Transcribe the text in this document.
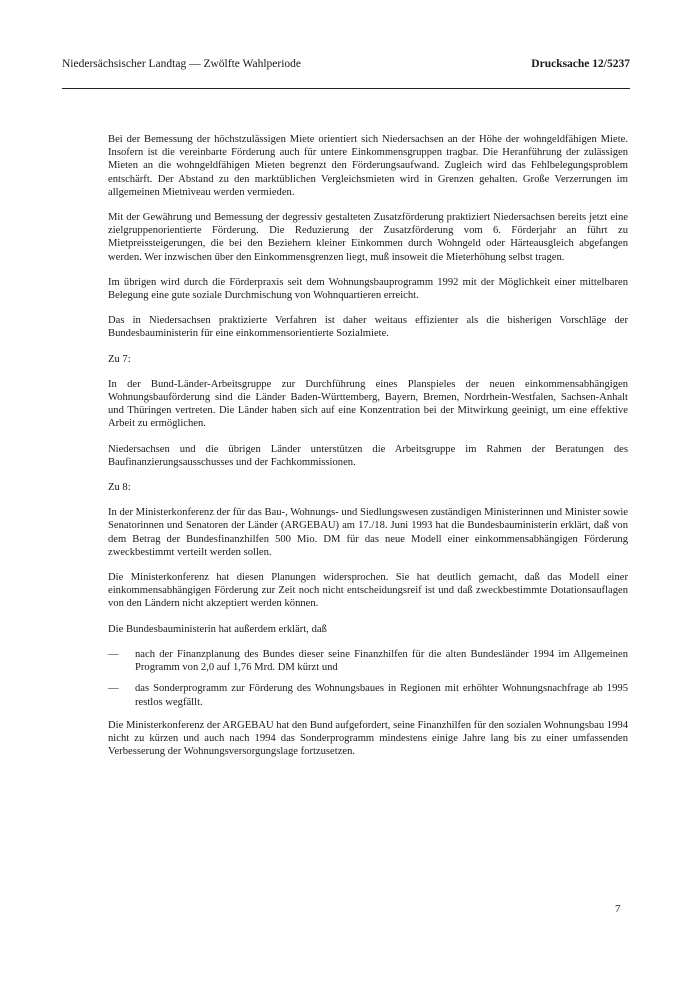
Niedersächsischer Landtag — Zwölfte Wahlperiode	Drucksache 12/5237

Bei der Bemessung der höchstzulässigen Miete orientiert sich Niedersachsen an der Höhe der wohngeldfähigen Miete. Insofern ist die vereinbarte Förderung auch für untere Einkommensgruppen tragbar. Die Heranführung der zulässigen Mieten an die wohngeldfähigen Mieten begrenzt den Förderungsaufwand. Zugleich wird das Fehlbelegungsproblem entschärft. Der Abstand zu den marktüblichen Vergleichsmieten wird in Grenzen gehalten. Große Verzerrungen im allgemeinen Mietniveau werden vermieden.

Mit der Gewährung und Bemessung der degressiv gestalteten Zusatzförderung praktiziert Niedersachsen bereits jetzt eine zielgruppenorientierte Förderung. Die Reduzierung der Zusatzförderung vom 6. Förderjahr an führt zu Mietpreissteigerungen, die bei den Beziehern kleiner Einkommen durch Wohngeld oder Härteausgleich abgefangen werden. Wer inzwischen über den Einkommensgrenzen liegt, muß insoweit die Mieterhöhung selbst tragen.

Im übrigen wird durch die Förderpraxis seit dem Wohnungsbauprogramm 1992 mit der Möglichkeit einer mittelbaren Belegung eine gute soziale Durchmischung von Wohnquartieren erreicht.

Das in Niedersachsen praktizierte Verfahren ist daher weitaus effizienter als die bisherigen Vorschläge der Bundesbauministerin für eine einkommensorientierte Sozialmiete.

Zu 7:

In der Bund-Länder-Arbeitsgruppe zur Durchführung eines Planspieles der neuen einkommensabhängigen Wohnungsbauförderung sind die Länder Baden-Württemberg, Bayern, Bremen, Nordrhein-Westfalen, Sachsen-Anhalt und Thüringen vertreten. Die Länder haben sich auf eine Konzentration bei der Mitwirkung geeinigt, um eine effektive Arbeit zu ermöglichen.

Niedersachsen und die übrigen Länder unterstützen die Arbeitsgruppe im Rahmen der Beratungen des Baufinanzierungsausschusses und der Fachkommissionen.

Zu 8:

In der Ministerkonferenz der für das Bau-, Wohnungs- und Siedlungswesen zuständigen Ministerinnen und Minister sowie Senatorinnen und Senatoren der Länder (ARGEBAU) am 17./18. Juni 1993 hat die Bundesbauministerin erklärt, daß von dem Betrag der Bundesfinanzhilfen 500 Mio. DM für das neue Modell einer einkommensabhängigen Förderung zweckbestimmt verteilt werden sollen.

Die Ministerkonferenz hat diesen Planungen widersprochen. Sie hat deutlich gemacht, daß das Modell einer einkommensabhängigen Förderung zur Zeit noch nicht entscheidungsreif ist und daß zweckbestimmte Dotationsauflagen von den Ländern nicht akzeptiert werden können.

Die Bundesbauministerin hat außerdem erklärt, daß

— nach der Finanzplanung des Bundes dieser seine Finanzhilfen für die alten Bundesländer 1994 im Allgemeinen Programm von 2,0 auf 1,76 Mrd. DM kürzt und
— das Sonderprogramm zur Förderung des Wohnungsbaues in Regionen mit erhöhter Wohnungsnachfrage ab 1995 restlos wegfällt.

Die Ministerkonferenz der ARGEBAU hat den Bund aufgefordert, seine Finanzhilfen für den sozialen Wohnungsbau 1994 nicht zu kürzen und auch nach 1994 das Sonderprogramm mindestens einige Jahre lang bis zu einer umfassenden Verbesserung der Wohnungsversorgungslage fortzusetzen.

7
